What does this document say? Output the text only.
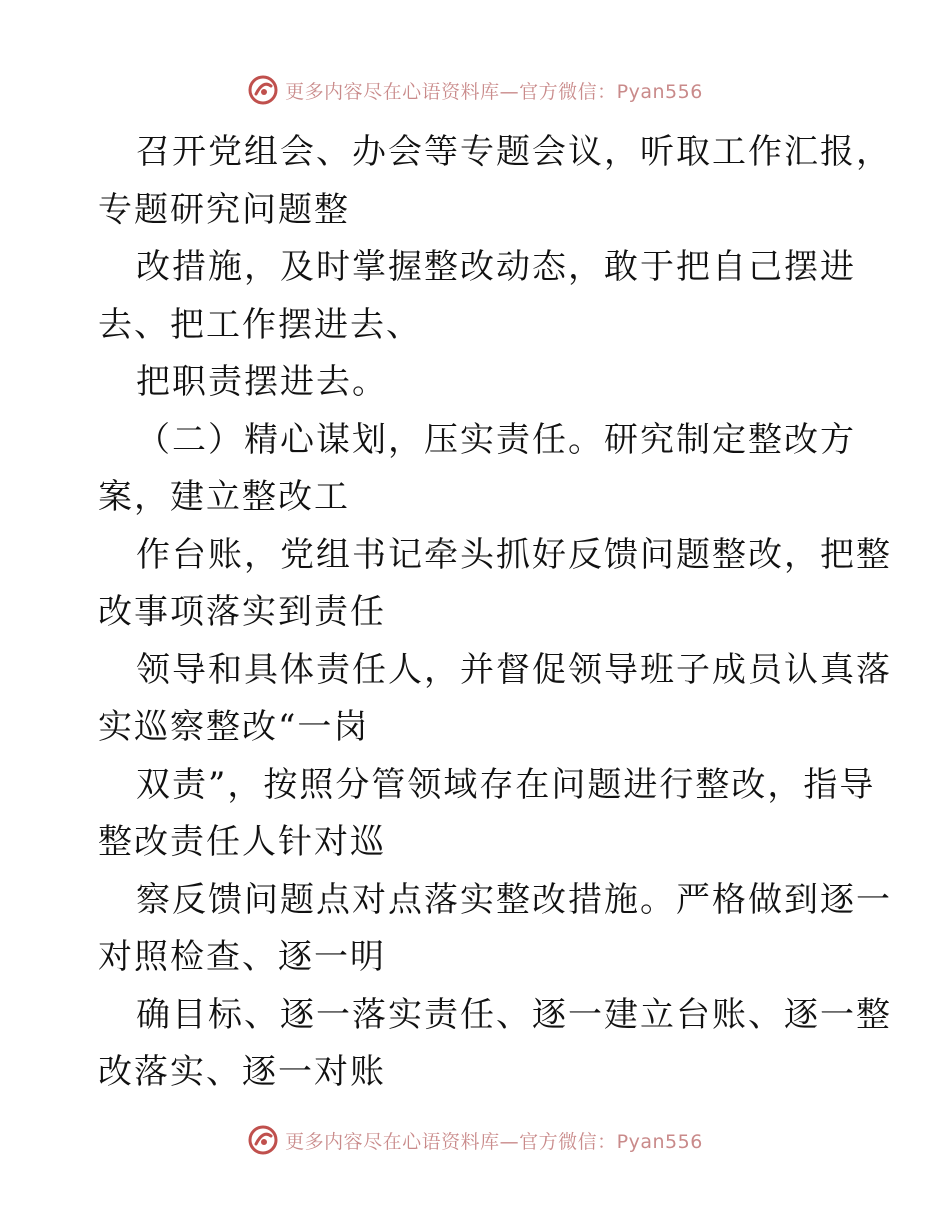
更多内容尽在心语资料库—官方微信：Pyan556
召开党组会、办会等专题会议，听取工作汇报，
专题研究问题整
改措施，及时掌握整改动态，敢于把自己摆进
去、把工作摆进去、
把职责摆进去。
（二）精心谋划，压实责任。研究制定整改方
案，建立整改工
作台账，党组书记牵头抓好反馈问题整改，把整
改事项落实到责任
领导和具体责任人，并督促领导班子成员认真落
实巡察整改“一岗
双责”，按照分管领域存在问题进行整改，指导
整改责任人针对巡
察反馈问题点对点落实整改措施。严格做到逐一
对照检查、逐一明
确目标、逐一落实责任、逐一建立台账、逐一整
改落实、逐一对账
更多内容尽在心语资料库—官方微信：Pyan556
